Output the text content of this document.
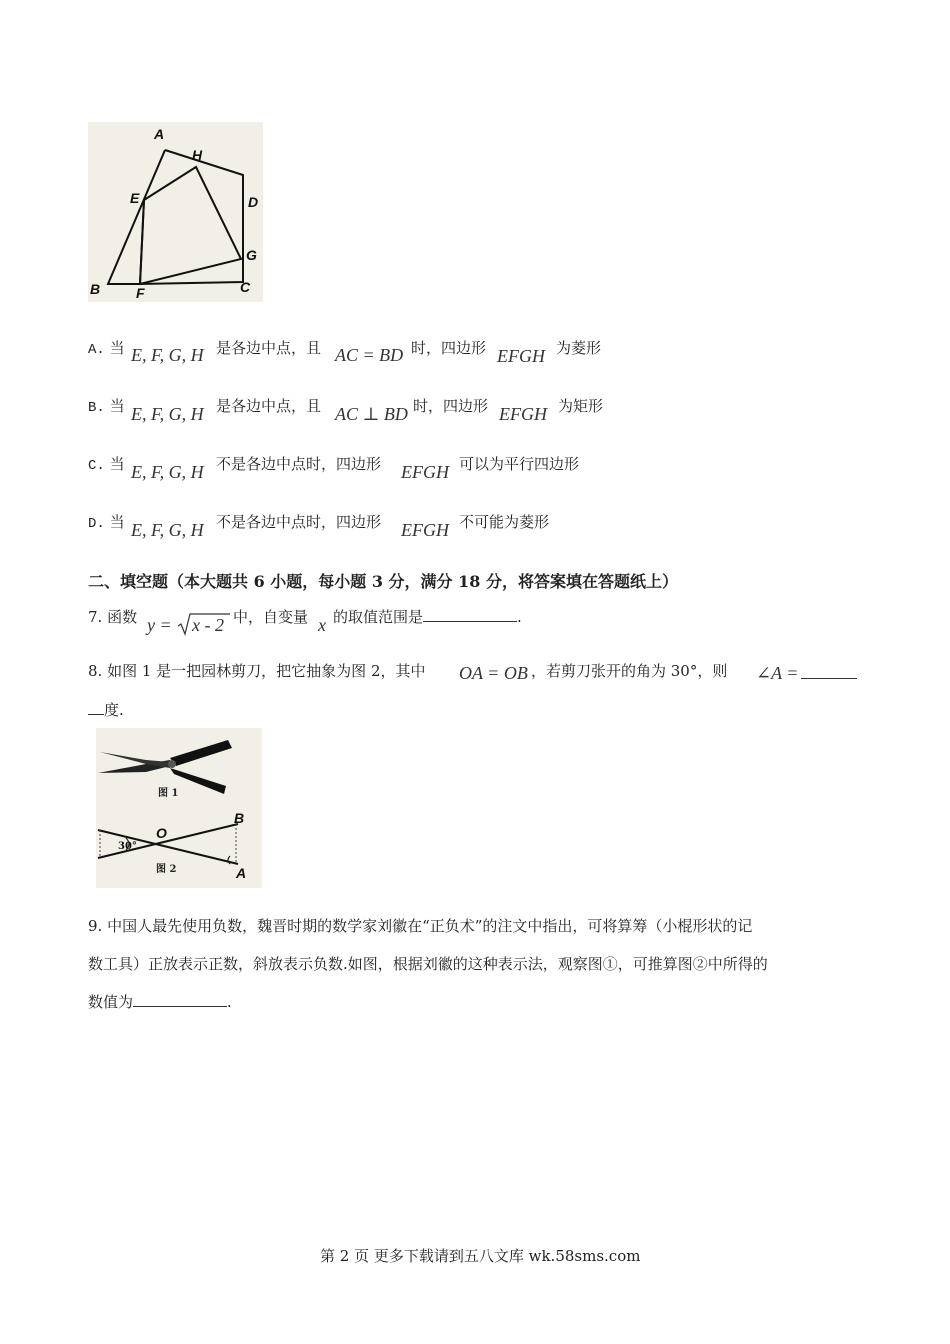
A
H
E	D
G
B	F	C
A. 当 E, F, G, H 是各边中点，且 AC = BD 时，四边形 EFGH 为菱形
B. 当 E, F, G, H 是各边中点，且 AC ⊥ BD 时，四边形 EFGH 为矩形
C. 当 E, F, G, H 不是各边中点时，四边形 EFGH 可以为平行四边形
D. 当 E, F, G, H 不是各边中点时，四边形 EFGH 不可能为菱形
二、填空题（本大题共 6 小题，每小题 3 分，满分 18 分，将答案填在答题纸上）
7. 函数 y = x - 2 中，自变量 x 的取值范围是	.
8. 如图 1 是一把园林剪刀，把它抽象为图 2，其中 OA = OB ，若剪刀张开的角为 30°，则 ∠A =
度.
图 1
30°
O
B
A
图 2
9. 中国人最先使用负数，魏晋时期的数学家刘徽在“正负术”的注文中指出，可将算筹（小棍形状的记
数工具）正放表示正数，斜放表示负数.如图，根据刘徽的这种表示法，观察图①，可推算图②中所得的
数值为	.
第 2 页 更多下载请到五八文库 wk.58sms.com
